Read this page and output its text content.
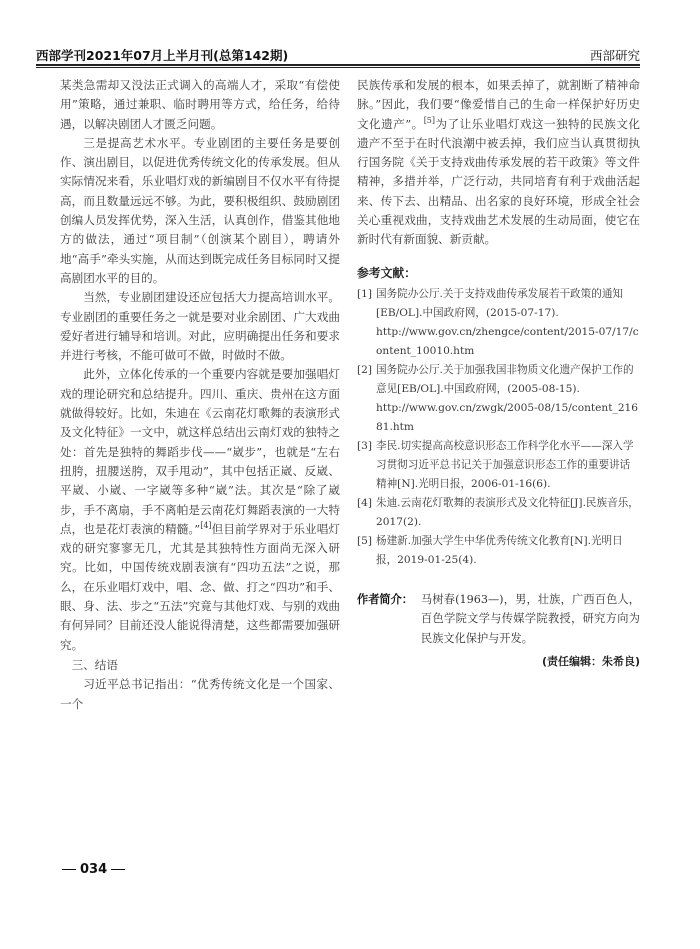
西部学刊2021年07月上半月刊(总第142期)	西部研究

某类急需却又没法正式调入的高端人才，采取“有偿使用”策略，通过兼职、临时聘用等方式，给任务，给待遇，以解决剧团人才匮乏问题。

三是提高艺术水平。专业剧团的主要任务是要创作、演出剧目，以促进优秀传统文化的传承发展。但从实际情况来看，乐业唱灯戏的新编剧目不仅水平有待提高，而且数量远远不够。为此，要积极组织、鼓励剧团创编人员发挥优势，深入生活，认真创作，借鉴其他地方的做法，通过“项目制”（创演某个剧目），聘请外地“高手”牵头实施，从而达到既完成任务目标同时又提高剧团水平的目的。

当然，专业剧团建设还应包括大力提高培训水平。专业剧团的重要任务之一就是要对业余剧团、广大戏曲爱好者进行辅导和培训。对此，应明确提出任务和要求并进行考核，不能可做可不做，时做时不做。

此外，立体化传承的一个重要内容就是要加强唱灯戏的理论研究和总结提升。四川、重庆、贵州在这方面就做得较好。比如，朱迪在《云南花灯歌舞的表演形式及文化特征》一文中，就这样总结出云南灯戏的独特之处：首先是独特的舞蹈步伐——“崴步”，也就是“左右扭胯，扭腰送胯，双手甩动”，其中包括正崴、反崴、平崴、小崴、一字崴等多种“崴”法。其次是“除了崴步，手不离扇，手不离帕是云南花灯舞蹈表演的一大特点，也是花灯表演的精髓。”[4]但目前学界对于乐业唱灯戏的研究寥寥无几，尤其是其独特性方面尚无深入研究。比如，中国传统戏剧表演有“四功五法”之说，那么，在乐业唱灯戏中，唱、念、做、打之“四功”和手、眼、身、法、步之“五法”究竟与其他灯戏、与别的戏曲有何异同？目前还没人能说得清楚，这些都需要加强研究。

三、结语

习近平总书记指出：“优秀传统文化是一个国家、一个

民族传承和发展的根本，如果丢掉了，就割断了精神命脉。”因此，我们要“像爱惜自己的生命一样保护好历史文化遗产”。[5]为了让乐业唱灯戏这一独特的民族文化遗产不至于在时代浪潮中被丢掉，我们应当认真贯彻执行国务院《关于支持戏曲传承发展的若干政策》等文件精神，多措并举，广泛行动，共同培育有利于戏曲活起来、传下去、出精品、出名家的良好环境，形成全社会关心重视戏曲，支持戏曲艺术发展的生动局面，使它在新时代有新面貌、新贡献。

参考文献：
[1] 国务院办公厅.关于支持戏曲传承发展若干政策的通知[EB/OL].中国政府网，(2015-07-17).
http://www.gov.cn/zhengce/content/2015-07/17/content_10010.htm
[2] 国务院办公厅.关于加强我国非物质文化遗产保护工作的意见[EB/OL].中国政府网，(2005-08-15).
http://www.gov.cn/zwgk/2005-08/15/content_21681.htm
[3] 李民.切实提高高校意识形态工作科学化水平——深入学习贯彻习近平总书记关于加强意识形态工作的重要讲话精神[N].光明日报，2006-01-16(6).
[4] 朱迪.云南花灯歌舞的表演形式及文化特征[J].民族音乐，2017(2).
[5] 杨建新.加强大学生中华优秀传统文化教育[N].光明日报，2019-01-25(4).
作者简介： 马树春(1963—)，男，壮族，广西百色人，百色学院文学与传媒学院教授，研究方向为民族文化保护与开发。
(责任编辑：朱希良)
034
